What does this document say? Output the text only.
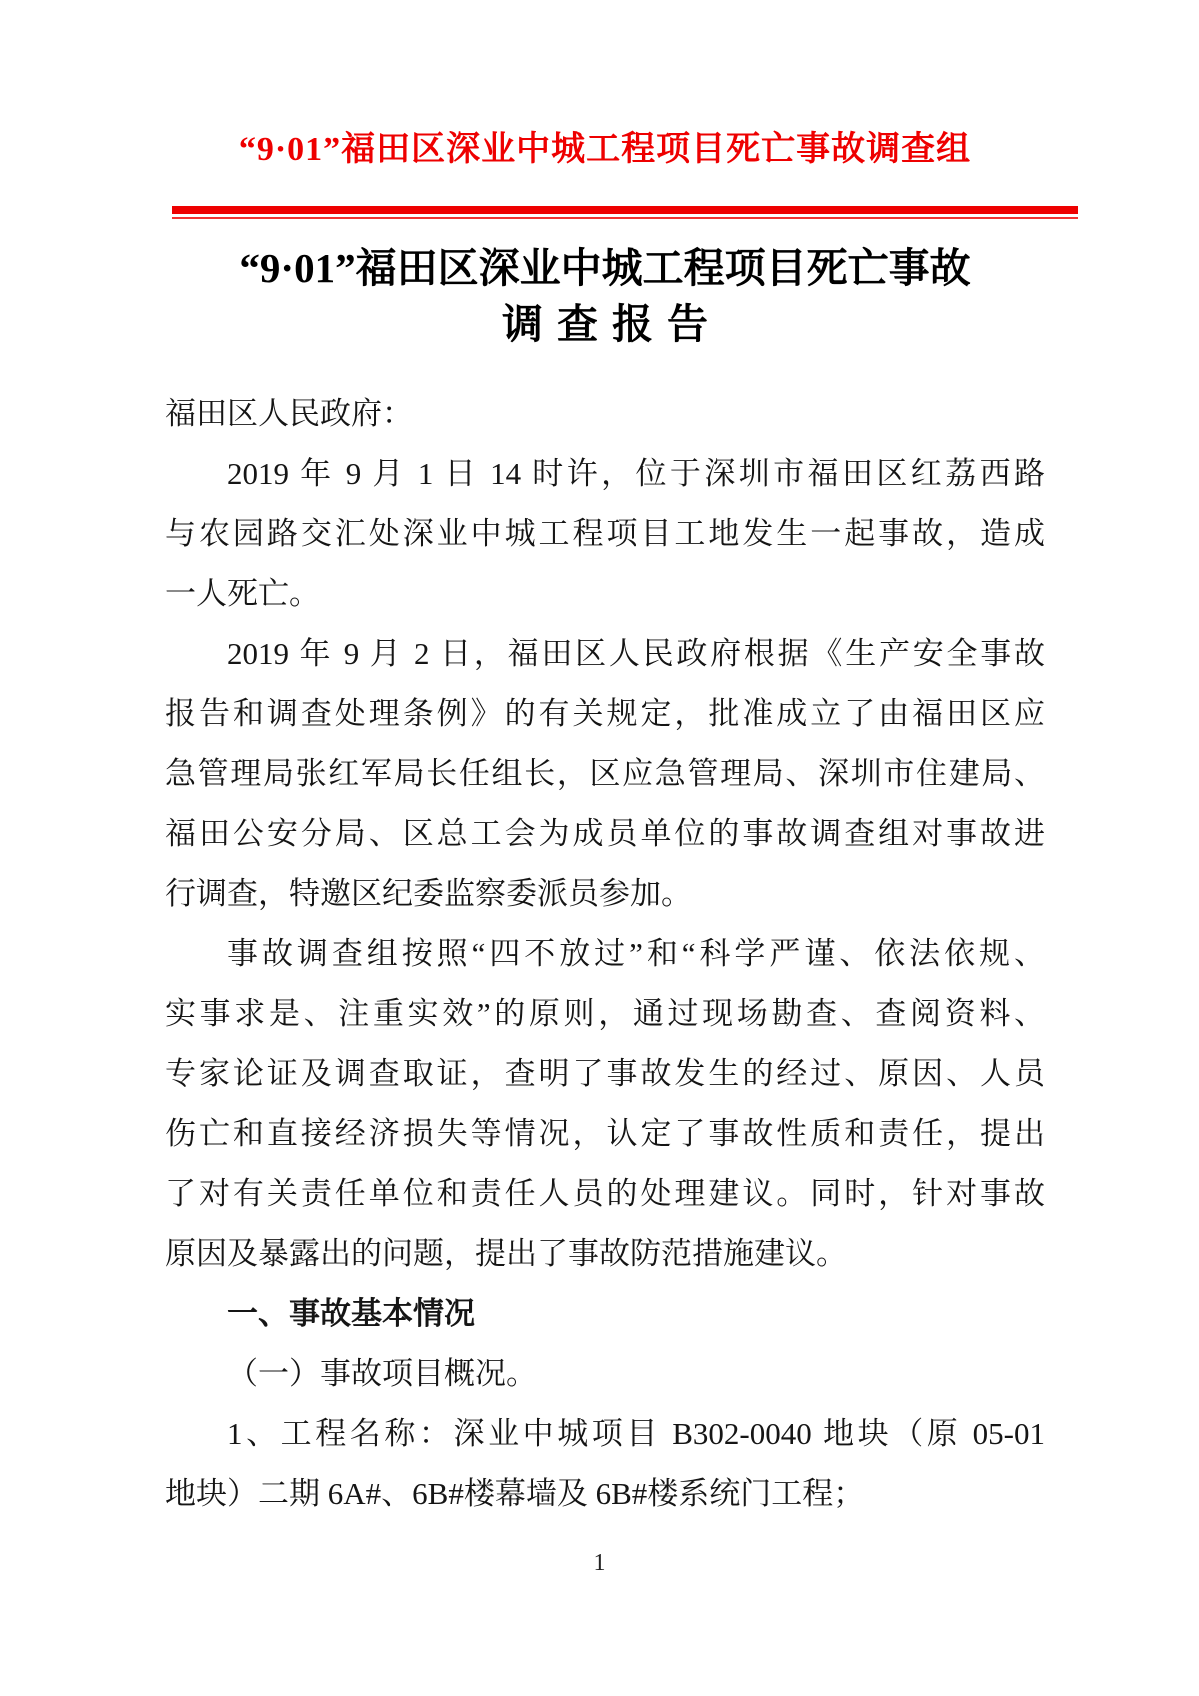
“9·01”福田区深业中城工程项目死亡事故调查组
“9·01”福田区深业中城工程项目死亡事故
调查报告
福田区人民政府：
2019 年 9 月 1 日 14 时许，位于深圳市福田区红荔西路
与农园路交汇处深业中城工程项目工地发生一起事故，造成
一人死亡。
2019 年 9 月 2 日，福田区人民政府根据《生产安全事故
报告和调查处理条例》的有关规定，批准成立了由福田区应
急管理局张红军局长任组长，区应急管理局、深圳市住建局、
福田公安分局、区总工会为成员单位的事故调查组对事故进
行调查，特邀区纪委监察委派员参加。
事故调查组按照“四不放过”和“科学严谨、依法依规、
实事求是、注重实效”的原则，通过现场勘查、查阅资料、
专家论证及调查取证，查明了事故发生的经过、原因、人员
伤亡和直接经济损失等情况，认定了事故性质和责任，提出
了对有关责任单位和责任人员的处理建议。同时，针对事故
原因及暴露出的问题，提出了事故防范措施建议。
一、事故基本情况
（一）事故项目概况。
1、工程名称：深业中城项目 B302-0040 地块（原 05-01
地块）二期 6A#、6B#楼幕墙及 6B#楼系统门工程；
1
